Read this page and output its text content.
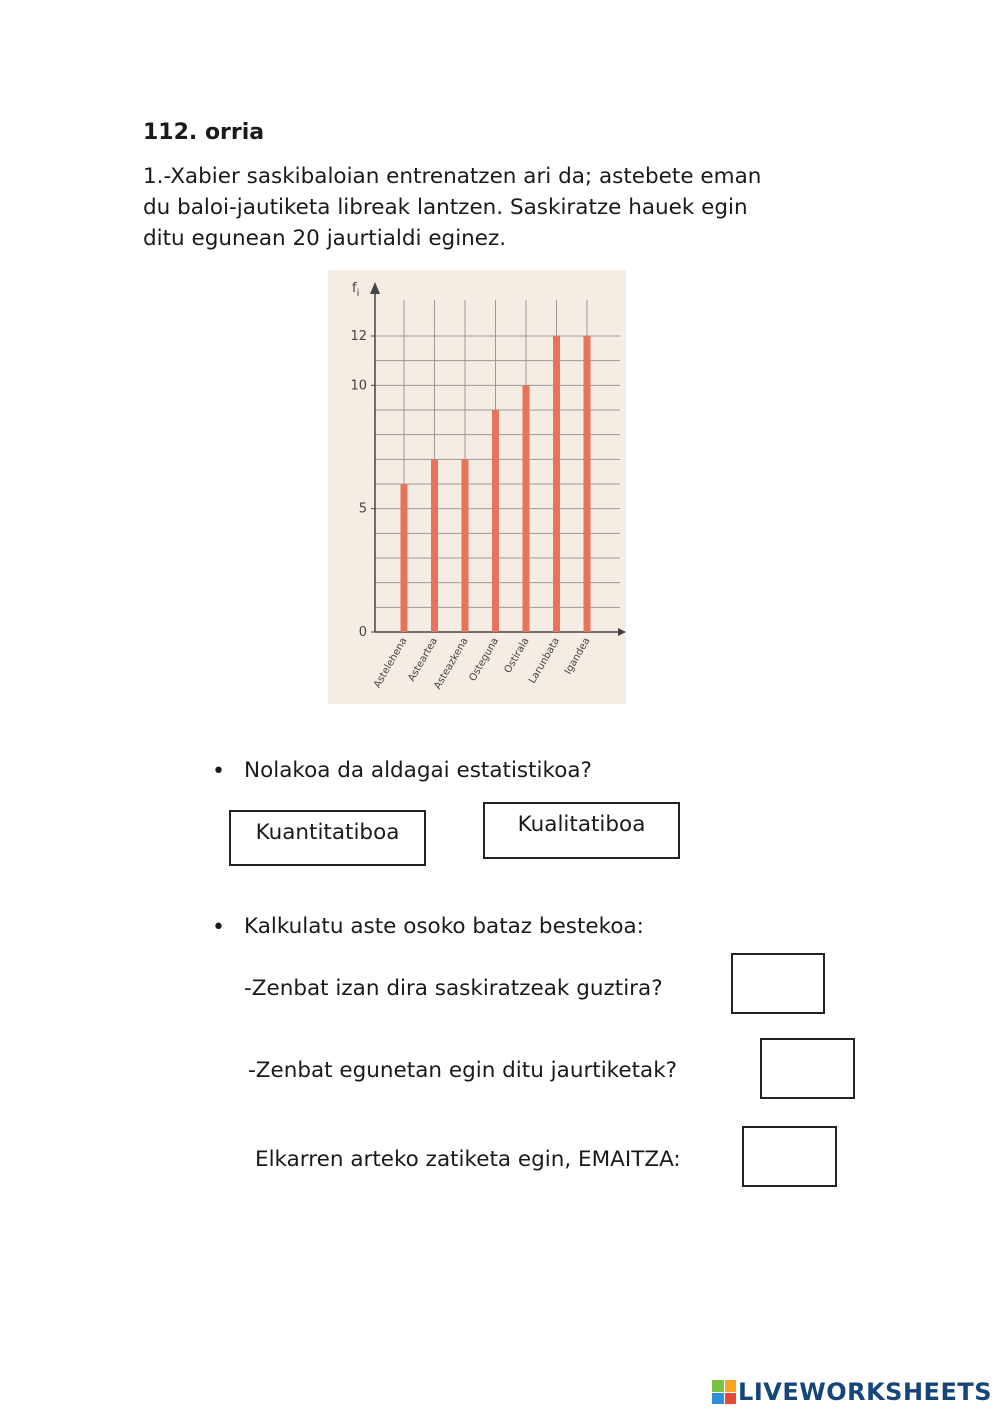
112. orria
1.-Xabier saskibaloian entrenatzen ari da; astebete eman
du baloi-jautiketa libreak lantzen. Saskiratze hauek egin
ditu egunean 20 jaurtialdi eginez.
$f_i$
0
5
10
12
Astelehena
Asteartea
Asteazkena
Osteguna Ostirala
Larunbata Igandea
• Nolakoa da aldagai estatistikoa?
Kuantitatiboa	Kualitatiboa
• Kalkulatu aste osoko bataz bestekoa:
-Zenbat izan dira saskiratzeak guztira?
-Zenbat egunetan egin ditu jaurtiketak?
Elkarren arteko zatiketa egin, EMAITZA:
LIVEWORKSHEETS
